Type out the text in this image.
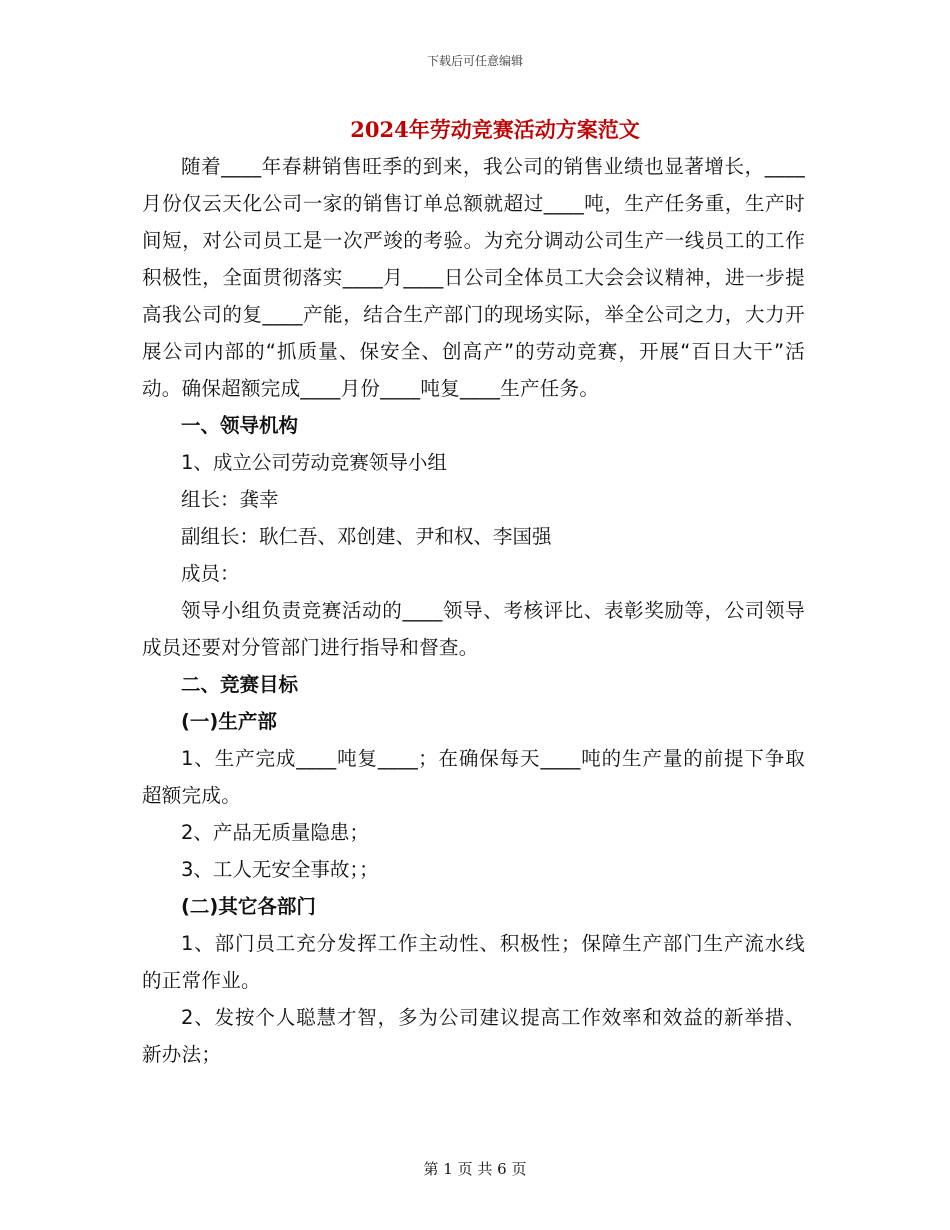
下载后可任意编辑
2024年劳动竞赛活动方案范文

随着____年春耕销售旺季的到来，我公司的销售业绩也显著增长，____月份仅云天化公司一家的销售订单总额就超过____吨，生产任务重，生产时间短，对公司员工是一次严竣的考验。为充分调动公司生产一线员工的工作积极性，全面贯彻落实____月____日公司全体员工大会会议精神，进一步提高我公司的复____产能，结合生产部门的现场实际，举全公司之力，大力开展公司内部的“抓质量、保安全、创高产”的劳动竞赛，开展“百日大干”活动。确保超额完成____月份____吨复____生产任务。

一、领导机构

1、成立公司劳动竞赛领导小组

组长：龚幸

副组长：耿仁吾、邓创建、尹和权、李国强

成员：

领导小组负责竞赛活动的____领导、考核评比、表彰奖励等，公司领导成员还要对分管部门进行指导和督查。

二、竞赛目标

(一)生产部

1、生产完成____吨复____；在确保每天____吨的生产量的前提下争取超额完成。

2、产品无质量隐患；

3、工人无安全事故；；

(二)其它各部门

1、部门员工充分发挥工作主动性、积极性；保障生产部门生产流水线的正常作业。

2、发按个人聪慧才智，多为公司建议提高工作效率和效益的新举措、新办法；

第 1 页 共 6 页
